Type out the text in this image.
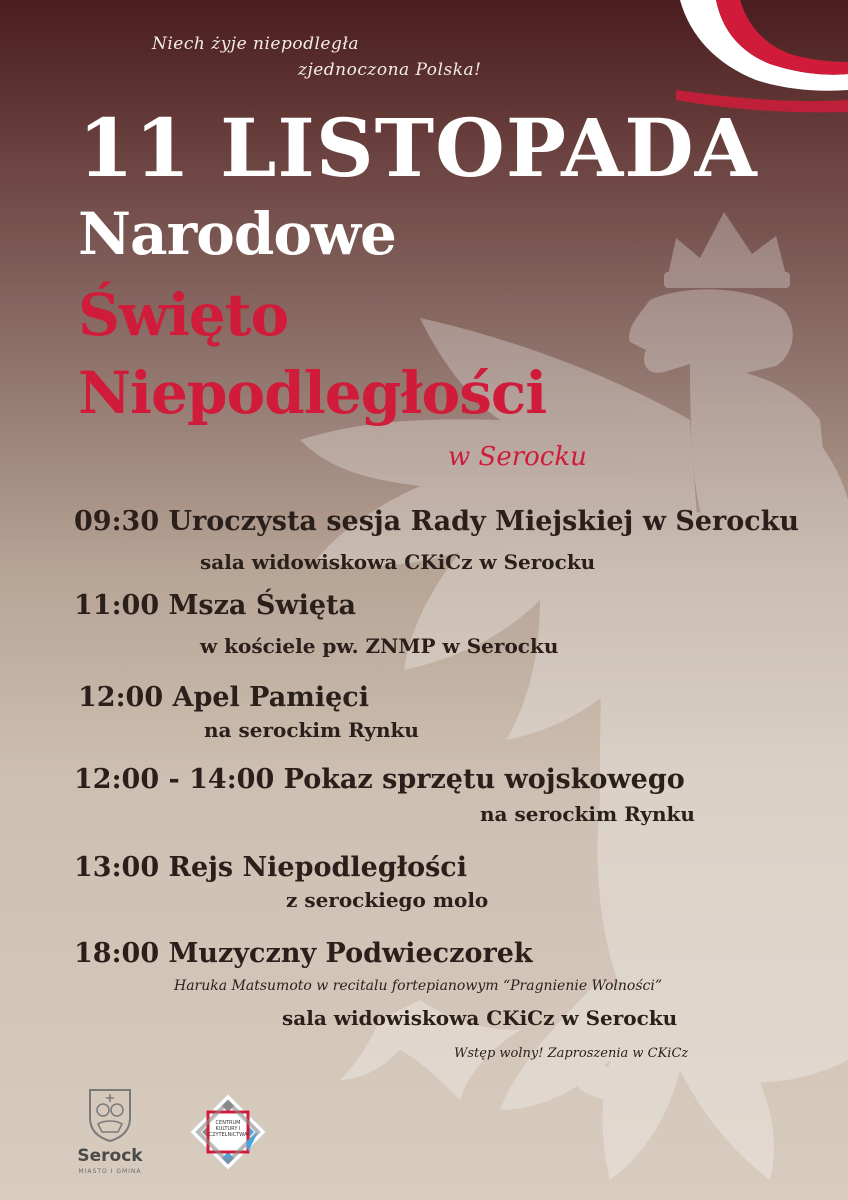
Niech żyje niepodległa
zjednoczona Polska!
11 LISTOPADA
Narodowe
Święto
Niepodległości
w Serocku
09:30 Uroczysta sesja Rady Miejskiej w Serocku
sala widowiskowa CKiCz w Serocku
11:00 Msza Święta
w kościele pw. ZNMP w Serocku
12:00 Apel Pamięci
na serockim Rynku
12:00 - 14:00 Pokaz sprzętu wojskowego
na serockim Rynku
13:00 Rejs Niepodległości
z serockiego molo
18:00 Muzyczny Podwieczorek
Haruka Matsumoto w recitalu fortepianowym “Pragnienie Wolności”
sala widowiskowa CKiCz w Serocku
Wstęp wolny! Zaproszenia w CKiCz
Serock
MIASTO I GMINA
CENTRUM KULTURY I CZYTELNICTWA
